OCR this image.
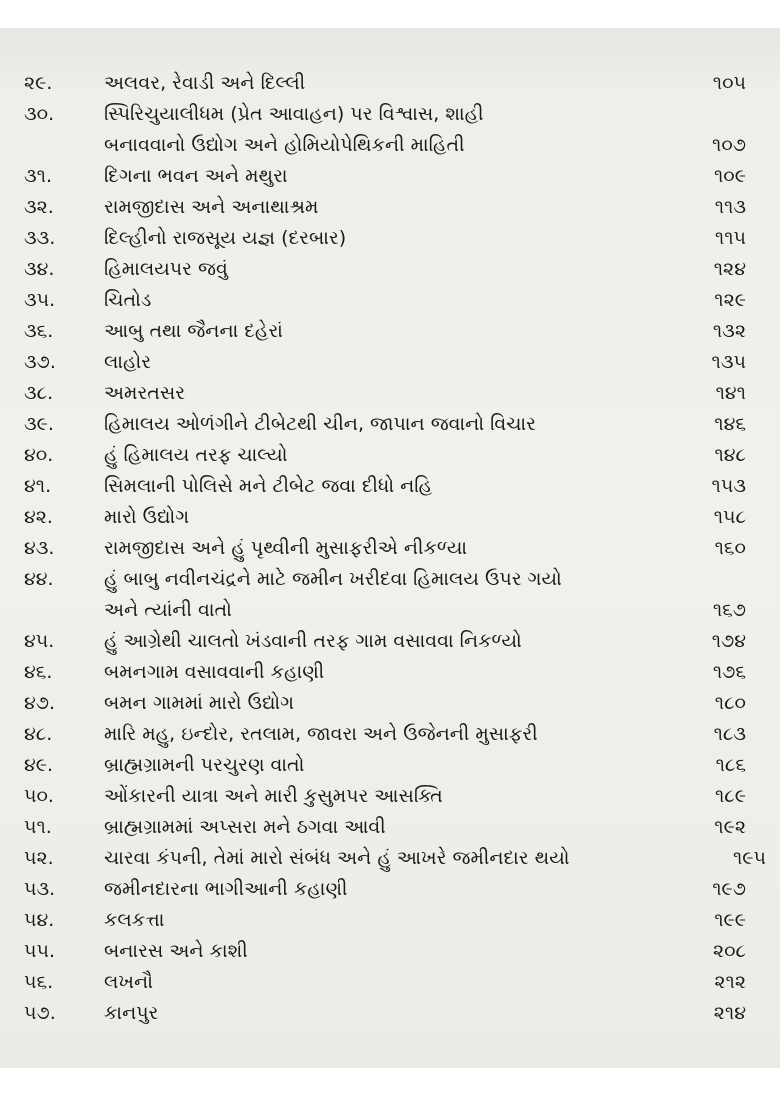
૨૯.	અલવર, રેવાડી અને દિલ્લી	૧૦૫
૩૦.	સ્પિરિચુયાલીધમ (પ્રેત આવાહન) પર વિશ્વાસ, શાહી
બનાવવાનો ઉદ્યોગ અને હોમિયોપેથિકની માહિતી	૧૦૭
૩૧.	દિગના ભવન અને મથુરા	૧૦૯
૩૨.	રામજીદાસ અને અનાથાશ્રમ	૧૧૩
૩૩.	દિલ્હીનો રાજસૂય યજ્ઞ (દરબાર)	૧૧૫
૩૪.	હિમાલયપર જવું	૧૨૪
૩૫.	ચિતોડ	૧૨૯
૩૬.	આબુ તથા જૈનના દહેરાં	૧૩૨
૩૭.	લાહોર	૧૩૫
૩૮.	અમરતસર	૧૪૧
૩૯.	હિમાલય ઓળંગીને ટીબેટથી ચીન, જાપાન જવાનો વિચાર	૧૪૬
૪૦.	હું હિમાલય તરફ ચાલ્યો	૧૪૮
૪૧.	સિમલાની પોલિસે મને ટીબેટ જવા દીધો નહિ	૧૫૩
૪૨.	મારો ઉદ્યોગ	૧૫૮
૪૩.	રામજીદાસ અને હું પૃથ્વીની મુસાફરીએ નીકળ્યા	૧૬૦
૪૪.	હું બાબુ નવીનચંદ્રને માટે જમીન ખરીદવા હિમાલય ઉપર ગયો
અને ત્યાંની વાતો	૧૬૭
૪૫.	હું આગ્રેથી ચાલતો ખંડવાની તરફ ગામ વસાવવા નિકળ્યો	૧૭૪
૪૬.	બમનગામ વસાવવાની કહાણી	૧૭૬
૪૭.	બમન ગામમાં મારો ઉદ્યોગ	૧૮૦
૪૮.	મારિ મહુ, ઇન્દોર, રતલામ, જાવરા અને ઉજેનની મુસાફરી	૧૮૩
૪૯.	બ્રાહ્મગ્રામની પરચુરણ વાતો	૧૮૬
૫૦.	ઓંકારની યાત્રા અને મારી કુસુમપર આસક્તિ	૧૮૯
૫૧.	બ્રાહ્મગ્રામમાં અપ્સરા મને ઠગવા આવી	૧૯૨
૫૨.	ચારવા કંપની, તેમાં મારો સંબંધ અને હું આખરે જમીનદાર થયો	૧૯૫
૫૩.	જમીનદારના ભાગીઆની કહાણી	૧૯૭
૫૪.	કલકત્તા	૧૯૯
૫૫.	બનારસ અને કાશી	૨૦૮
૫૬.	લખનૌ	૨૧૨
૫૭.	કાનપુર	૨૧૪
